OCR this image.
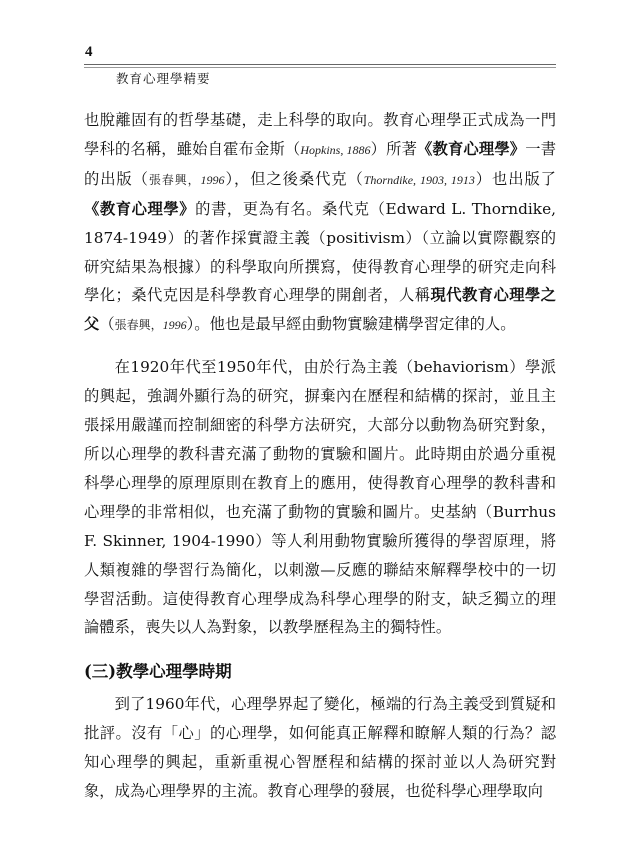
4
教育心理學精要

也脫離固有的哲學基礎，走上科學的取向。教育心理學正式成為一門學科的名稱，雖始自霍布金斯（Hopkins, 1886）所著《教育心理學》一書的出版（張春興，1996），但之後桑代克（Thorndike, 1903, 1913）也出版了《教育心理學》的書，更為有名。桑代克（Edward L. Thorndike, 1874-1949）的著作採實證主義（positivism）（立論以實際觀察的研究結果為根據）的科學取向所撰寫，使得教育心理學的研究走向科學化；桑代克因是科學教育心理學的開創者，人稱現代教育心理學之父（張春興，1996）。他也是最早經由動物實驗建構學習定律的人。

在1920年代至1950年代，由於行為主義（behaviorism）學派的興起，強調外顯行為的研究，摒棄內在歷程和結構的探討，並且主張採用嚴謹而控制細密的科學方法研究，大部分以動物為研究對象，所以心理學的教科書充滿了動物的實驗和圖片。此時期由於過分重視科學心理學的原理原則在教育上的應用，使得教育心理學的教科書和心理學的非常相似，也充滿了動物的實驗和圖片。史基納（Burrhus F. Skinner, 1904-1990）等人利用動物實驗所獲得的學習原理，將人類複雜的學習行為簡化，以刺激—反應的聯結來解釋學校中的一切學習活動。這使得教育心理學成為科學心理學的附支，缺乏獨立的理論體系，喪失以人為對象，以教學歷程為主的獨特性。

(三)教學心理學時期

到了1960年代，心理學界起了變化，極端的行為主義受到質疑和批評。沒有「心」的心理學，如何能真正解釋和瞭解人類的行為？認知心理學的興起，重新重視心智歷程和結構的探討並以人為研究對象，成為心理學界的主流。教育心理學的發展，也從科學心理學取向
